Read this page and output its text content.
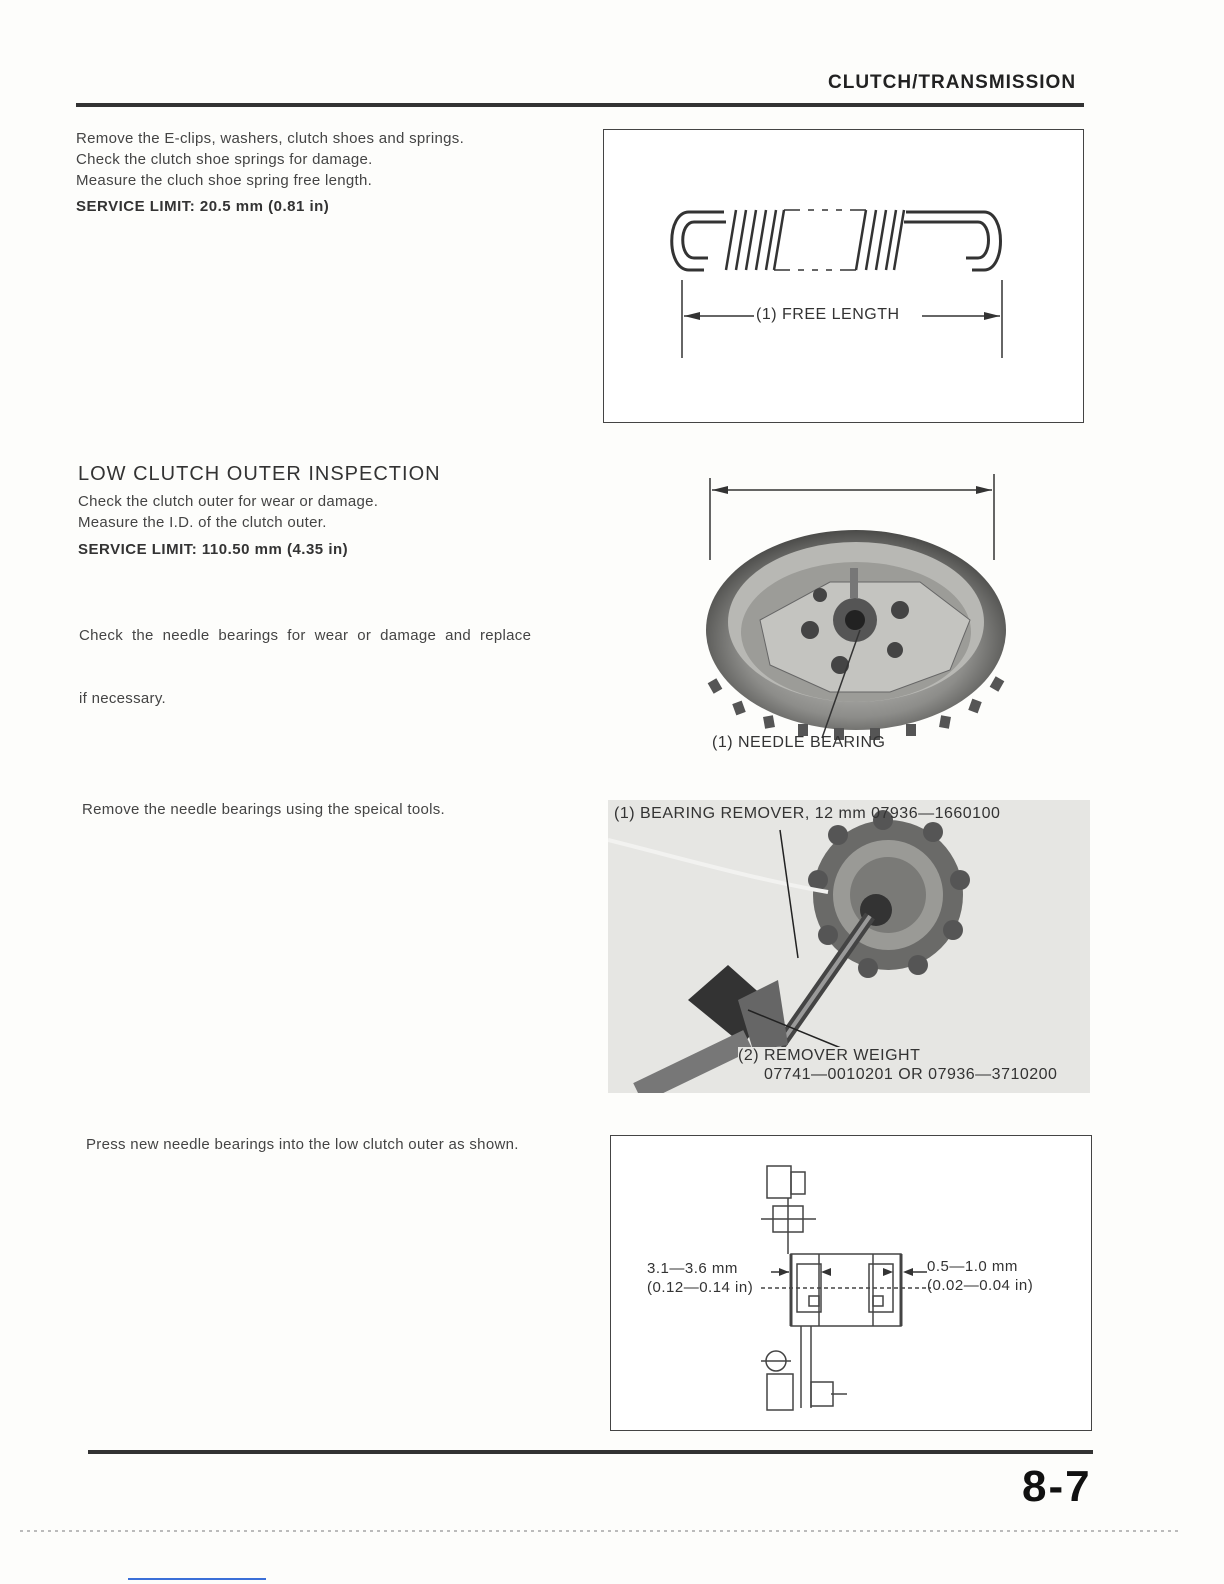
CLUTCH/TRANSMISSION
Remove the E-clips, washers, clutch shoes and springs.
Check the clutch shoe springs for damage.
Measure the cluch shoe spring free length.
SERVICE LIMIT: 20.5 mm (0.81 in)
(1) FREE LENGTH
LOW CLUTCH OUTER INSPECTION
Check the clutch outer for wear or damage.
Measure the I.D. of the clutch outer.
SERVICE LIMIT: 110.50 mm (4.35 in)

Check  the  needle  bearings  for  wear  or  damage  and  replace

if necessary.

(1) NEEDLE BEARING
Remove the needle bearings using the speical tools.	(1) BEARING REMOVER, 12 mm 07936—1660100
(2) REMOVER WEIGHT
07741—0010201 OR 07936—3710200
Press new needle bearings into the low clutch outer as shown.
3.1—3.6 mm
(0.12—0.14 in)
0.5—1.0 mm
(0.02—0.04 in)
8-7
